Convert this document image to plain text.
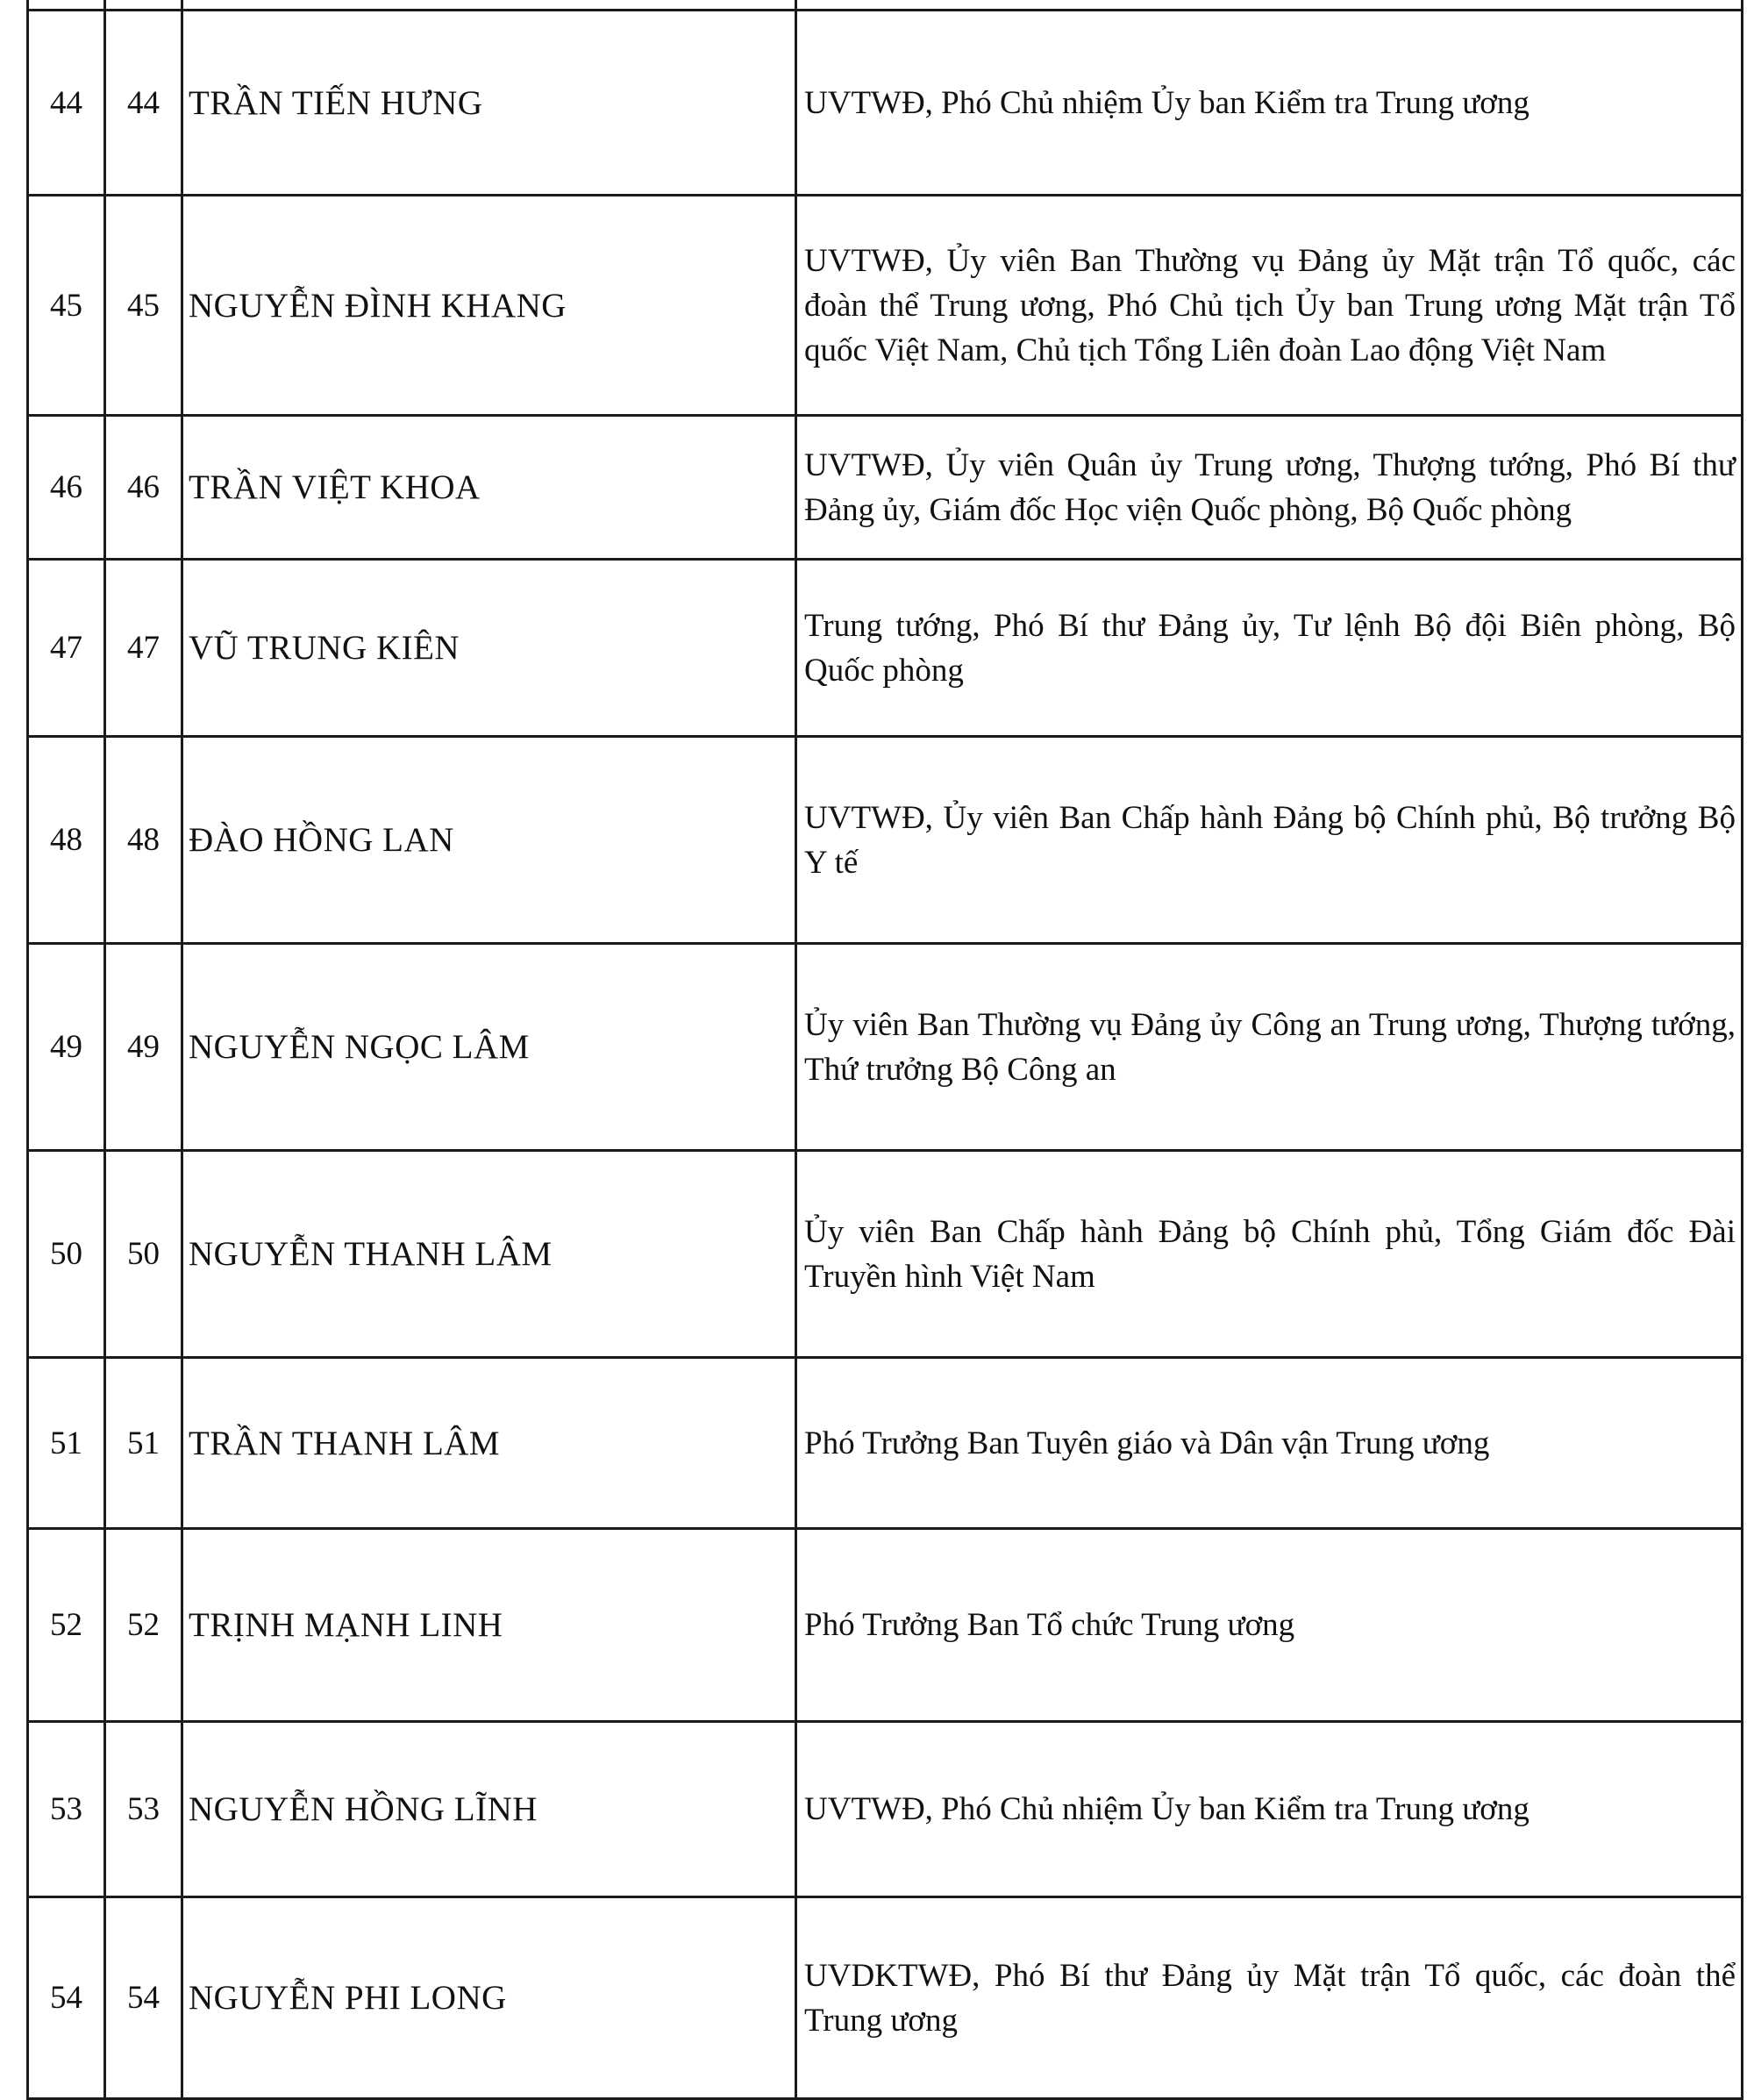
44	44	TRẦN TIẾN HƯNG	UVTWĐ, Phó Chủ nhiệm Ủy ban Kiểm tra Trung ương
45	45	NGUYỄN ĐÌNH KHANG	UVTWĐ, Ủy viên Ban Thường vụ Đảng ủy Mặt trận Tổ quốc, các đoàn thể Trung ương, Phó Chủ tịch Ủy ban Trung ương Mặt trận Tổ quốc Việt Nam, Chủ tịch Tổng Liên đoàn Lao động Việt Nam
46	46	TRẦN VIỆT KHOA	UVTWĐ, Ủy viên Quân ủy Trung ương, Thượng tướng, Phó Bí thư Đảng ủy, Giám đốc Học viện Quốc phòng, Bộ Quốc phòng
47	47	VŨ TRUNG KIÊN	Trung tướng, Phó Bí thư Đảng ủy, Tư lệnh Bộ đội Biên phòng, Bộ Quốc phòng
48	48	ĐÀO HỒNG LAN	UVTWĐ, Ủy viên Ban Chấp hành Đảng bộ Chính phủ, Bộ trưởng Bộ Y tế
49	49	NGUYỄN NGỌC LÂM	Ủy viên Ban Thường vụ Đảng ủy Công an Trung ương, Thượng tướng, Thứ trưởng Bộ Công an
50	50	NGUYỄN THANH LÂM	Ủy viên Ban Chấp hành Đảng bộ Chính phủ, Tổng Giám đốc Đài Truyền hình Việt Nam
51	51	TRẦN THANH LÂM	Phó Trưởng Ban Tuyên giáo và Dân vận Trung ương
52	52	TRỊNH MẠNH LINH	Phó Trưởng Ban Tổ chức Trung ương
53	53	NGUYỄN HỒNG LĨNH	UVTWĐ, Phó Chủ nhiệm Ủy ban Kiểm tra Trung ương
54	54	NGUYỄN PHI LONG	UVDKTWĐ, Phó Bí thư Đảng ủy Mặt trận Tổ quốc, các đoàn thể Trung ương
